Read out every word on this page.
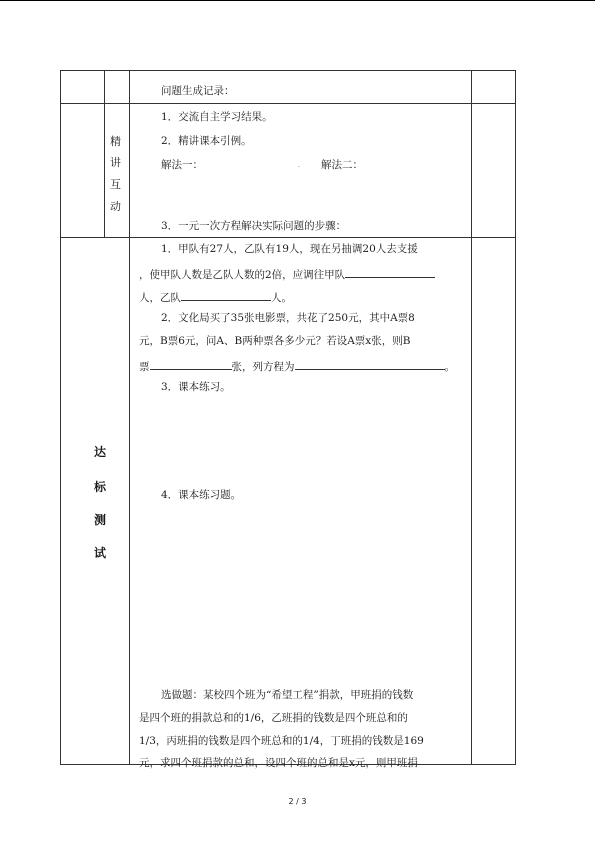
问题生成记录：
精
讲
互
动
1．交流自主学习结果。
2．精讲课本引例。
解法一：	解法二：
.
3．一元一次方程解决实际问题的步骤：
达
标
测
试
1．甲队有27人，乙队有19人，现在另抽调20人去支援
，使甲队人数是乙队人数的2倍，应调往甲队
人，乙队	人。
2．文化局买了35张电影票，共花了250元，其中A票8
元，B票6元，问A、B两种票各多少元？若设A票x张，则B
票	张，列方程为	。
3．课本练习。
4．课本练习题。
选做题：某校四个班为“希望工程”捐款，甲班捐的钱数
是四个班的捐款总和的1/6，乙班捐的钱数是四个班总和的
1/3，丙班捐的钱数是四个班总和的1/4，丁班捐的钱数是169
元，求四个班捐款的总和，设四个班的总和是x元，则甲班捐
2 / 3
